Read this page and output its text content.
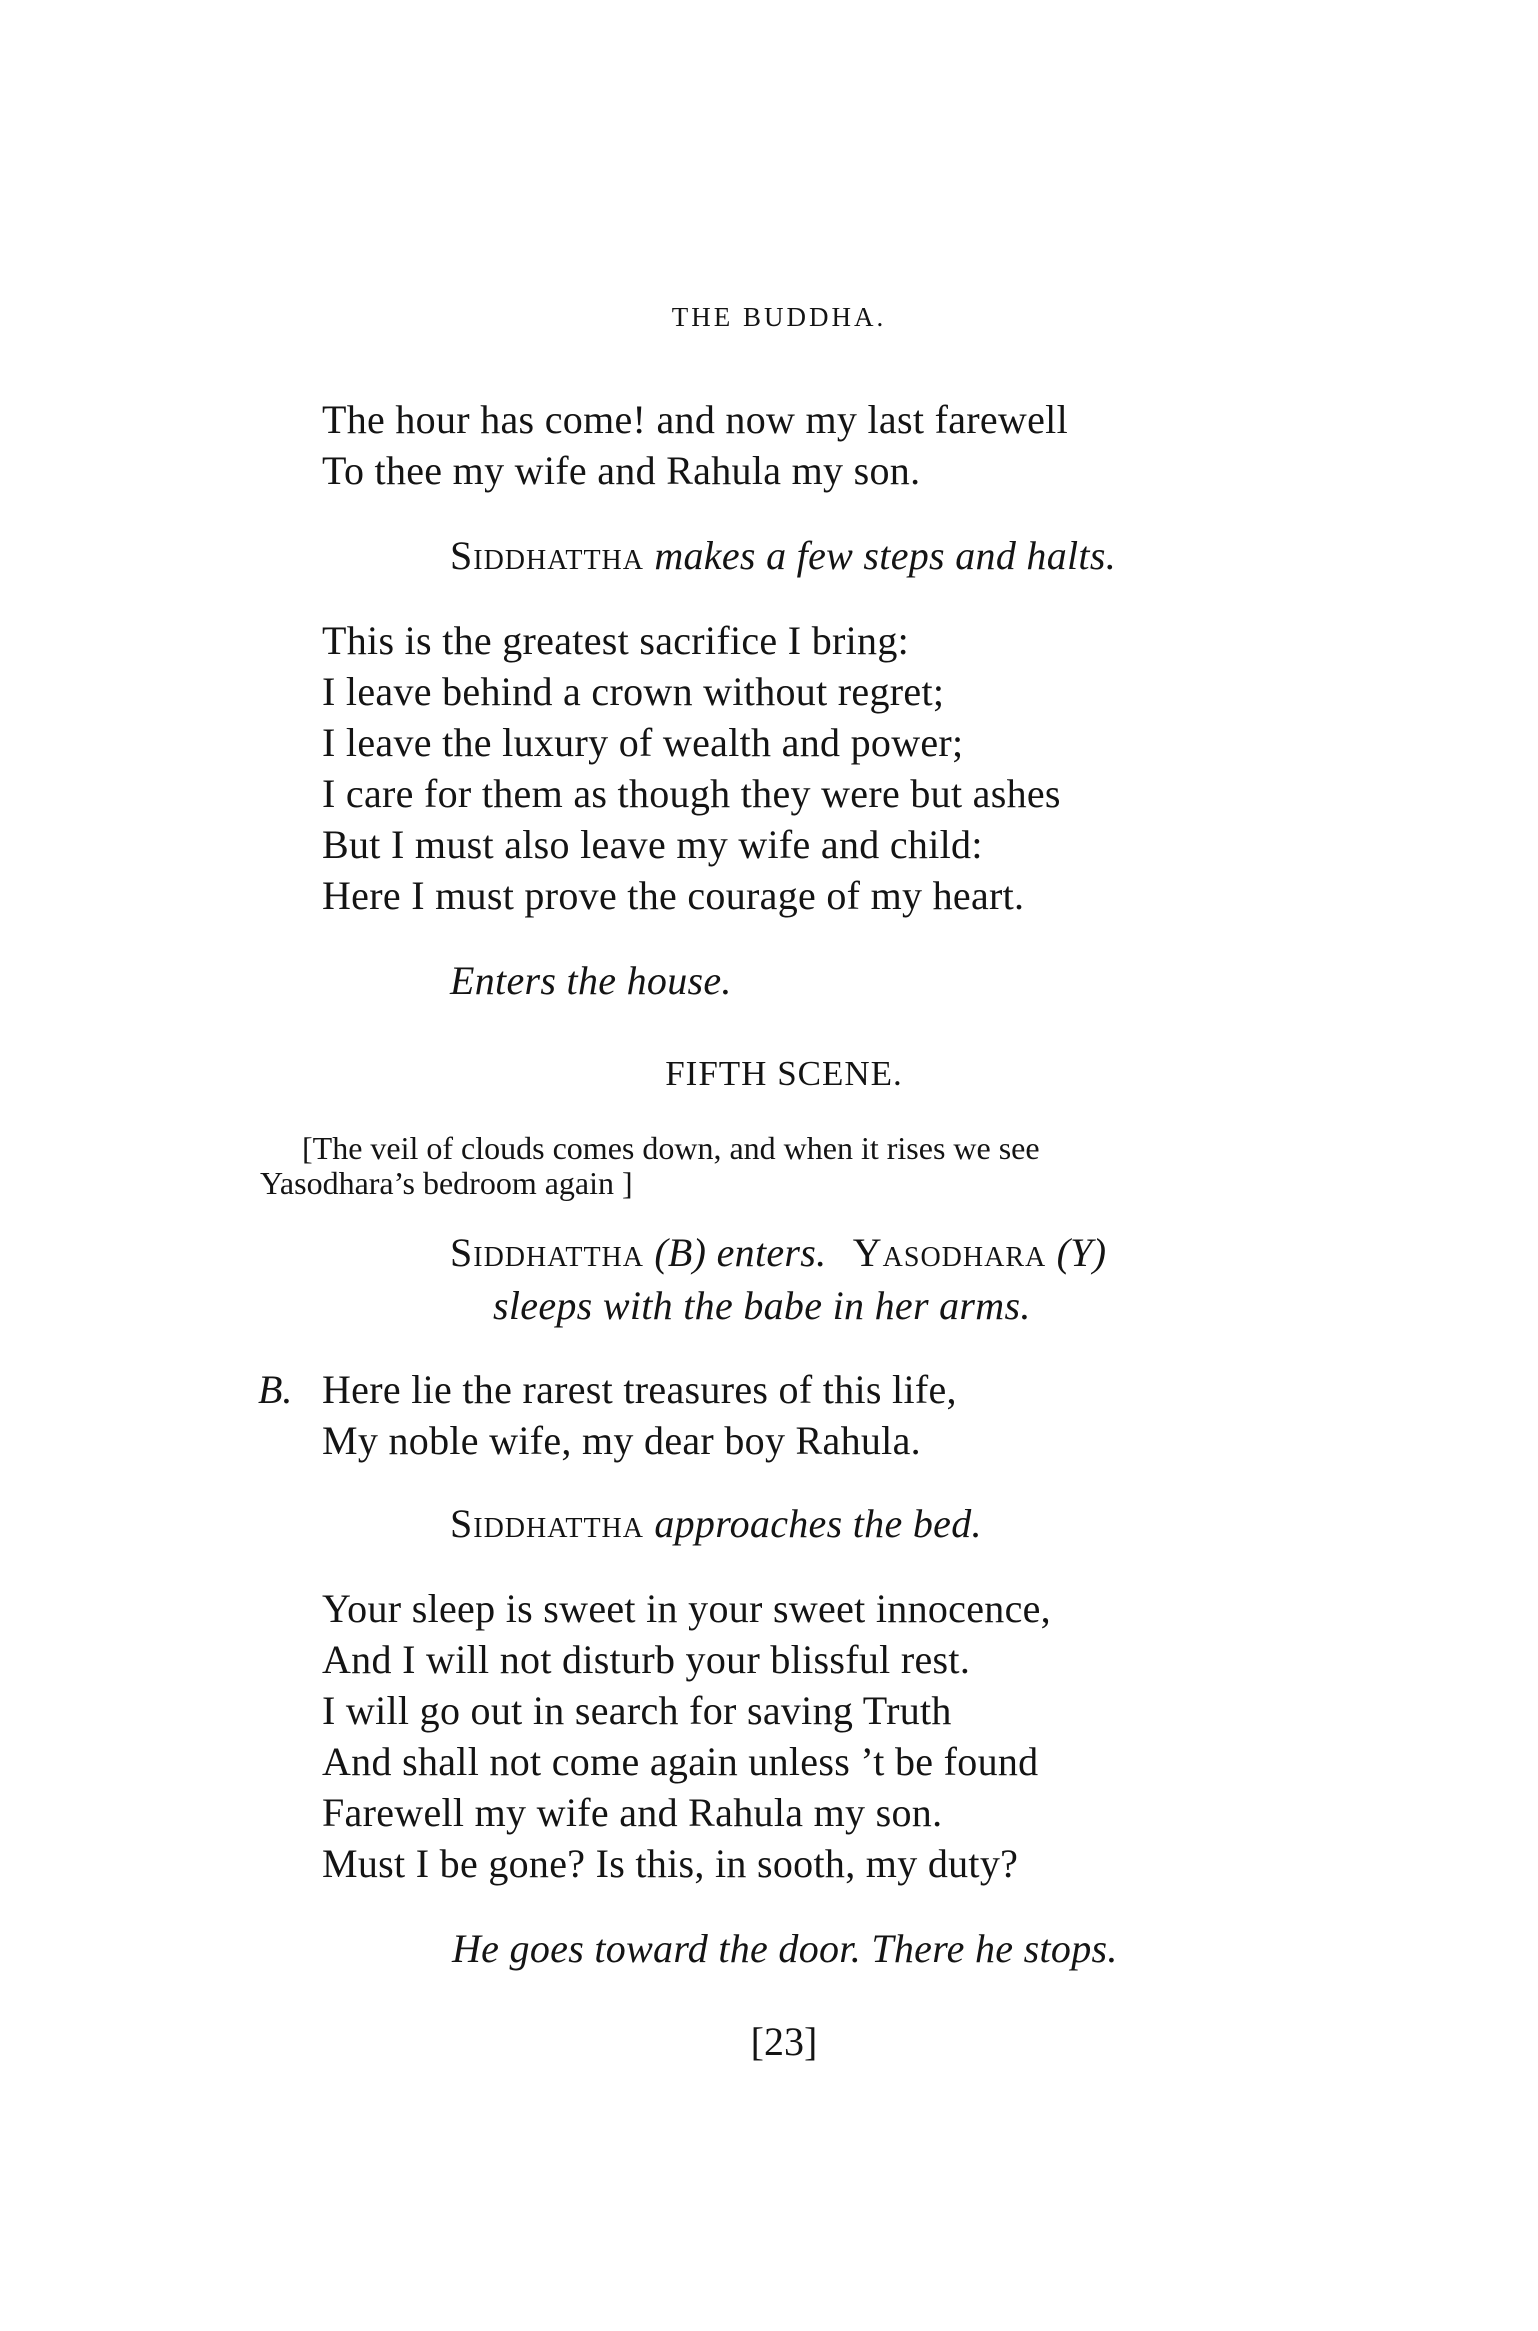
THE BUDDHA.
The hour has come! and now my last farewell
To thee my wife and Rahula my son.
Siddhattha makes a few steps and halts.
This is the greatest sacrifice I bring:
I leave behind a crown without regret;
I leave the luxury of wealth and power;
I care for them as though they were but ashes
But I must also leave my wife and child:
Here I must prove the courage of my heart.
Enters the house.
FIFTH SCENE.
[The veil of clouds comes down, and when it rises we see
Yasodhara’s bedroom again ]
Siddhattha (B) enters. Yasodhara (Y)
sleeps with the babe in her arms.
B. Here lie the rarest treasures of this life,
My noble wife, my dear boy Rahula.
Siddhattha approaches the bed.
Your sleep is sweet in your sweet innocence,
And I will not disturb your blissful rest.
I will go out in search for saving Truth
And shall not come again unless ’t be found
Farewell my wife and Rahula my son.
Must I be gone? Is this, in sooth, my duty?
He goes toward the door. There he stops.
[23]
